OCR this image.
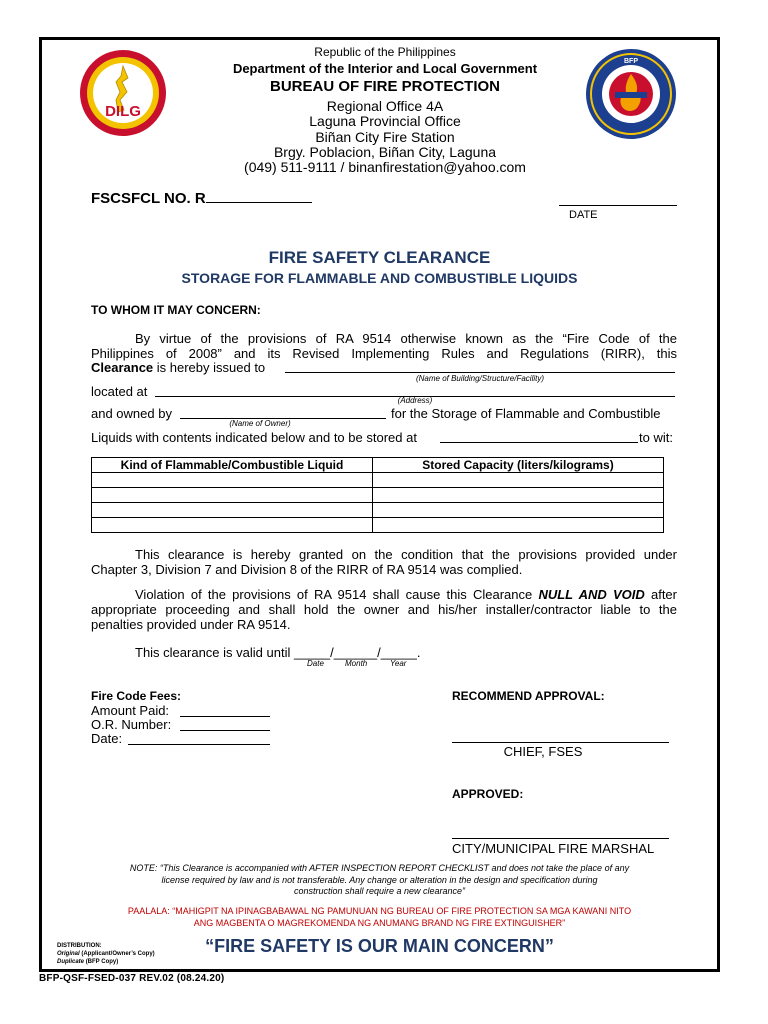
DILG
BFP
Republic of the Philippines
Department of the Interior and Local Government
BUREAU OF FIRE PROTECTION
Regional Office 4A
Laguna Provincial Office
Biñan City Fire Station
Brgy. Poblacion, Biñan City, Laguna
(049) 511-9111 / binanfirestation@yahoo.com
FSCSFCL NO. R
DATE
FIRE SAFETY CLEARANCE
STORAGE FOR FLAMMABLE AND COMBUSTIBLE LIQUIDS
TO WHOM IT MAY CONCERN:
By virtue of the provisions of RA 9514 otherwise known as the “Fire Code of the
Philippines of 2008” and its Revised Implementing Rules and Regulations (RIRR), this
Clearance is hereby issued to
(Name of Building/Structure/Facility)
located at
(Address)
and owned by	for the Storage of Flammable and Combustible
(Name of Owner)
Liquids with contents indicated below and to be stored at	to wit:
Kind of Flammable/Combustible Liquid	Stored Capacity (liters/kilograms)

This clearance is hereby granted on the condition that the provisions provided under
Chapter 3, Division 7 and Division 8 of the RIRR of RA 9514 was complied.
Violation of the provisions of RA 9514 shall cause this Clearance NULL AND VOID after
appropriate proceeding and shall hold the owner and his/her installer/contractor liable to the
penalties provided under RA 9514.
This clearance is valid until _____/______/_____.
Date	Month	Year
Fire Code Fees:
Amount Paid:
O.R. Number:
Date:
RECOMMEND APPROVAL:
CHIEF, FSES
APPROVED:
CITY/MUNICIPAL FIRE MARSHAL
NOTE: “This Clearance is accompanied with AFTER INSPECTION REPORT CHECKLIST and does not take the place of any
license required by law and is not transferable. Any change or alteration in the design and specification during
construction shall require a new clearance”
PAALALA: “MAHIGPIT NA IPINAGBABAWAL NG PAMUNUAN NG BUREAU OF FIRE PROTECTION SA MGA KAWANI NITO
ANG MAGBENTA O MAGREKOMENDA NG ANUMANG BRAND NG FIRE EXTINGUISHER”
DISTRIBUTION:
Original (Applicant/Owner’s Copy)
Duplicate (BFP Copy)
“FIRE SAFETY IS OUR MAIN CONCERN”
BFP-QSF-FSED-037 REV.02 (08.24.20)
